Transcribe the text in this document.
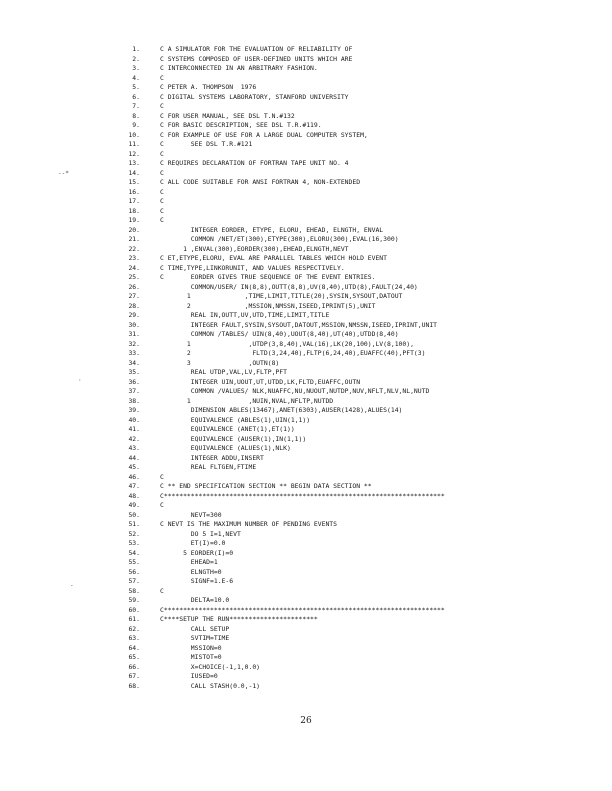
1.	C A SIMULATOR FOR THE EVALUATION OF RELIABILITY OF
2.	C SYSTEMS COMPOSED OF USER-DEFINED UNITS WHICH ARE
3.	C INTERCONNECTED IN AN ARBITRARY FASHION.
4.	C
5.	C PETER A. THOMPSON  1976
6.	C DIGITAL SYSTEMS LABORATORY, STANFORD UNIVERSITY
7.	C
8.	C FOR USER MANUAL, SEE DSL T.N.#132
9.	C FOR BASIC DESCRIPTION, SEE DSL T.R.#119.
10.	C FOR EXAMPLE OF USE FOR A LARGE DUAL COMPUTER SYSTEM,
11.	C       SEE DSL T.R.#121
12.	C
13.	C REQUIRES DECLARATION OF FORTRAN TAPE UNIT NO. 4
14.	C
15.	C ALL CODE SUITABLE FOR ANSI FORTRAN 4, NON-EXTENDED
16.	C
17.	C
18.	C
19.	C
20.	INTEGER EORDER, ETYPE, ELORU, EHEAD, ELNGTH, ENVAL
21.	COMMON /NET/ET(300),ETYPE(300),ELORU(300),EVAL(16,300)
22.	1 ,ENVAL(300),EORDER(300),EHEAD,ELNGTH,NEVT
23.	C ET,ETYPE,ELORU, EVAL ARE PARALLEL TABLES WHICH HOLD EVENT
24.	C TIME,TYPE,LINKORUNIT, AND VALUES RESPECTIVELY.
25.	C       EORDER GIVES TRUE SEQUENCE OF THE EVENT ENTRIES.
26.	COMMON/USER/ IN(8,8),OUTT(8,8),UV(8,40),UTD(8),FAULT(24,40)
27.	1              ,TIME,LIMIT,TITLE(20),SYSIN,SYSOUT,DATOUT
28.	2              ,MSSION,NMSSN,ISEED,IPRINT(5),UNIT
29.	REAL IN,OUTT,UV,UTD,TIME,LIMIT,TITLE
30.	INTEGER FAULT,SYSIN,SYSOUT,DATOUT,MSSION,NMSSN,ISEED,IPRINT,UNIT
31.	COMMON /TABLES/ UIN(8,40),UOUT(8,40),UT(40),UTDD(8,40)
32.	1               ,UTDP(3,8,40),VAL(16),LK(20,100),LV(8,100),
33.	2                FLTD(3,24,40),FLTP(6,24,40),EUAFFC(40),PFT(3)
34.	3               ,OUTN(8)
35.	REAL UTDP,VAL,LV,FLTP,PFT
36.	INTEGER UIN,UOUT,UT,UTDD,LK,FLTD,EUAFFC,OUTN
37.	COMMON /VALUES/ NLK,NUAFFC,NU,NUOUT,NUTDP,NUV,NFLT,NLV,NL,NUTD
38.	1               ,NUIN,NVAL,NFLTP,NUTDD
39.	DIMENSION ABLES(13467),ANET(6303),AUSER(1428),ALUES(14)
40.	EQUIVALENCE (ABLES(1),UIN(1,1))
41.	EQUIVALENCE (ANET(1),ET(1))
42.	EQUIVALENCE (AUSER(1),IN(1,1))
43.	EQUIVALENCE (ALUES(1),NLK)
44.	INTEGER ADDU,INSERT
45.	REAL FLTGEN,FTIME
46.	C
47.	C ** END SPECIFICATION SECTION ** BEGIN DATA SECTION **
48.	C*************************************************************************
49.	C
50.	NEVT=300
51.	C NEVT IS THE MAXIMUM NUMBER OF PENDING EVENTS
52.	DO 5 I=1,NEVT
53.	ET(I)=0.0
54.	5 EORDER(I)=0
55.	EHEAD=1
56.	ELNGTH=0
57.	SIGNF=1.E-6
58.	C
59.	DELTA=10.0
60.	C*************************************************************************
61.	C****SETUP THE RUN***********************
62.	CALL SETUP
63.	SVTIM=TIME
64.	MSSION=0
65.	MISTOT=0
66.	X=CHOICE(-1,1,0.0)
67.	IUSED=0
68.	CALL STASH(0.0,-1)
26
--*
·
-
